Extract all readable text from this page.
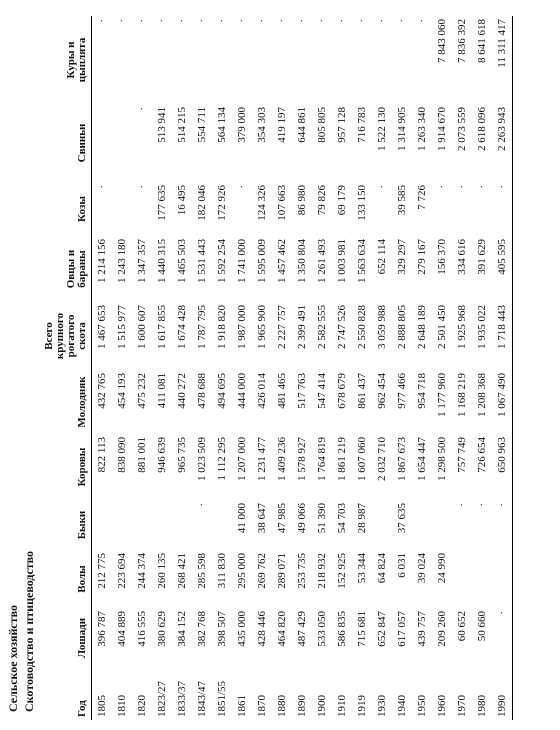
Сельское хозяйство Скотоводство и птицеводство	Год	Лошади	Волы	Быки	Коровы	Молодняк	Всего
крупного
рогатого
скота	Овцы и
бараны	Козы	Свиньи	Куры и
цыплята
1805	396 787	212 775		822 113	432 765	1 467 653	1 214 156	·		·
1810	404 889	223 694		838 090	454 193	1 515 977	1 243 180			·
1820	416 555	244 374		881 001	475 232	1 600 607	1 347 357	·	·	·
1823/27	380 629	260 135		946 639	411 081	1 617 855	1 440 315	177 635	513 941	·
1833/37	384 152	268 421		965 735	440 272	1 674 428	1 465 503	16 495	514 215	·
1843/47	382 768	285 598	·	1 023 509	478 688	1 787 795	1 531 443	182 046	554 711	·
1851/55	398 507	311 830		1 112 295	494 695	1 918 820	1 592 254	172 926	564 134	·
1861	435 000	295 000	41 000	1 207 000	444 000	1 987 000	1 741 000	·	379 000	·
1870	428 446	269 762	38 647	1 231 477	426 014	1 965 900	1 595 009	124 326	354 303	·
1880	464 820	289 071	47 985	1 409 236	481 465	2 227 757	1 457 462	107 663	419 197	·
1890	487 429	253 735	49 066	1 578 927	517 763	2 399 491	1 350 804	86 980	644 861	·
1900	533 050	218 932	51 390	1 764 819	547 414	2 582 555	1 261 493	79 826	805 805	·
1910	586 835	152 925	54 703	1 861 219	678 679	2 747 526	1 003 981	69 179	957 128	·
1919	715 681	53 344	28 987	1 607 060	861 437	2 550 828	1 563 634	133 150	716 783	·
1930	652 847	64 824		2 032 710	962 454	3 059 988	652 114	·	1 522 130	·
1940	617 057	6 031	37 635	1 867 673	977 466	2 888 805	329 297	39 585	1 314 905	·
1950	439 757	39 024		1 654 447	954 718	2 648 189	279 167	7 726	1 263 340	·
1960	209 260	24 990		1 298 500	1 177 960	2 501 450	156 370	·	1 914 670	7 843 060
1970	60 652		·	757 749	1 168 219	1 925 968	334 616	·	2 073 559	7 836 392
1980	50 660		·	726 654	1 208 368	1 935 022	391 629	·	2 618 096	8 641 618
1990	·		·	650 963	1 067 490	1 718 443	405 595	·	2 263 943	11 311 417
